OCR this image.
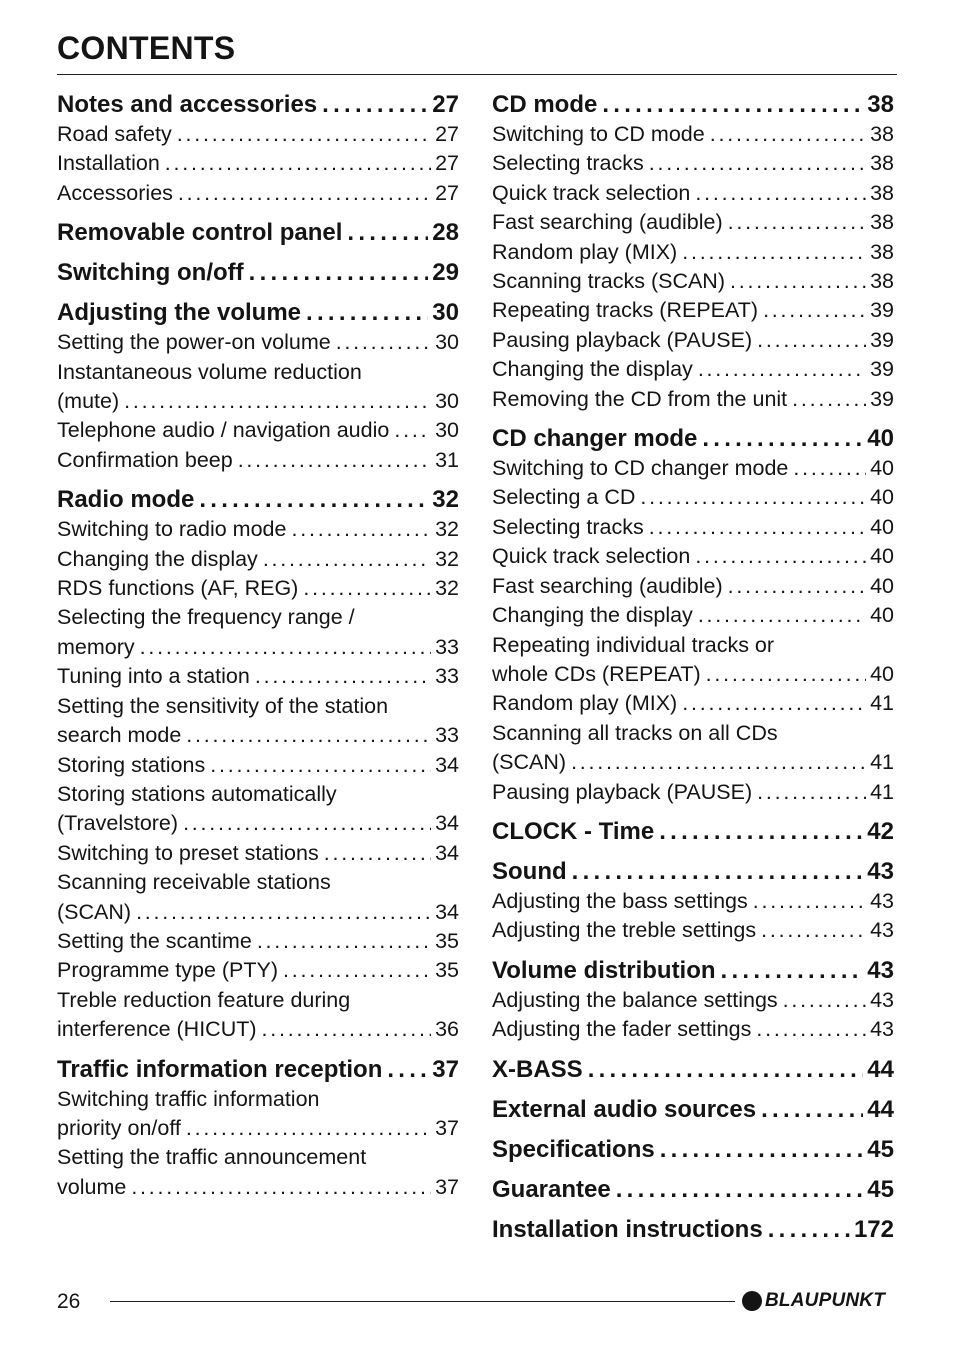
CONTENTS
Notes and accessories . . .	27
Road safety . . .	27
Installation . . .	27
Accessories . . .	27
Removable control panel . . .	28
Switching on/off . . .	29
Adjusting the volume . . .	30
Setting the power-on volume . . .	30
Instantaneous volume reduction
(mute) . . .	30
Telephone audio / navigation audio . . . 30
Confirmation beep . . .	31
Radio mode . . .	32
Switching to radio mode . . .	32
Changing the display . . .	32
RDS functions (AF, REG) . . .	32
Selecting the frequency range /
memory . . .	33
Tuning into a station . . .	33
Setting the sensitivity of the station
search mode . . .	33
Storing stations . . .	34
Storing stations automatically
(Travelstore) . . .	34
Switching to preset stations . . .	34
Scanning receivable stations
(SCAN) . . .	34
Setting the scantime . . .	35
Programme type (PTY) . . .	35
Treble reduction feature during
interference (HICUT) . . .	36
Traffic information reception . . . 37
Switching traffic information
priority on/off . . .	37
Setting the traffic announcement
volume . . .	37
CD mode . . .	38
Switching to CD mode . . .	38
Selecting tracks . . .	38
Quick track selection . . .	38
Fast searching (audible) . . .	38
Random play (MIX) . . .	38
Scanning tracks (SCAN) . . .	38
Repeating tracks (REPEAT) . . .	39
Pausing playback (PAUSE) . . .	39
Changing the display . . .	39
Removing the CD from the unit . . .	39
CD changer mode . . .	40
Switching to CD changer mode . . .	40
Selecting a CD . . .	40
Selecting tracks . . .	40
Quick track selection . . .	40
Fast searching (audible) . . .	40
Changing the display . . .	40
Repeating individual tracks or
whole CDs (REPEAT) . . .	40
Random play (MIX) . . .	41
Scanning all tracks on all CDs
(SCAN) . . .	41
Pausing playback (PAUSE) . . .	41
CLOCK - Time . . .	42
Sound . . .	43
Adjusting the bass settings . . .	43
Adjusting the treble settings . . .	43
Volume distribution . . .	43
Adjusting the balance settings . . .	43
Adjusting the fader settings . . .	43
X-BASS . . .	44
External audio sources . . .	44
Specifications . . .	45
Guarantee . . .	45
Installation instructions . . .	172
26	BLAUPUNKT
